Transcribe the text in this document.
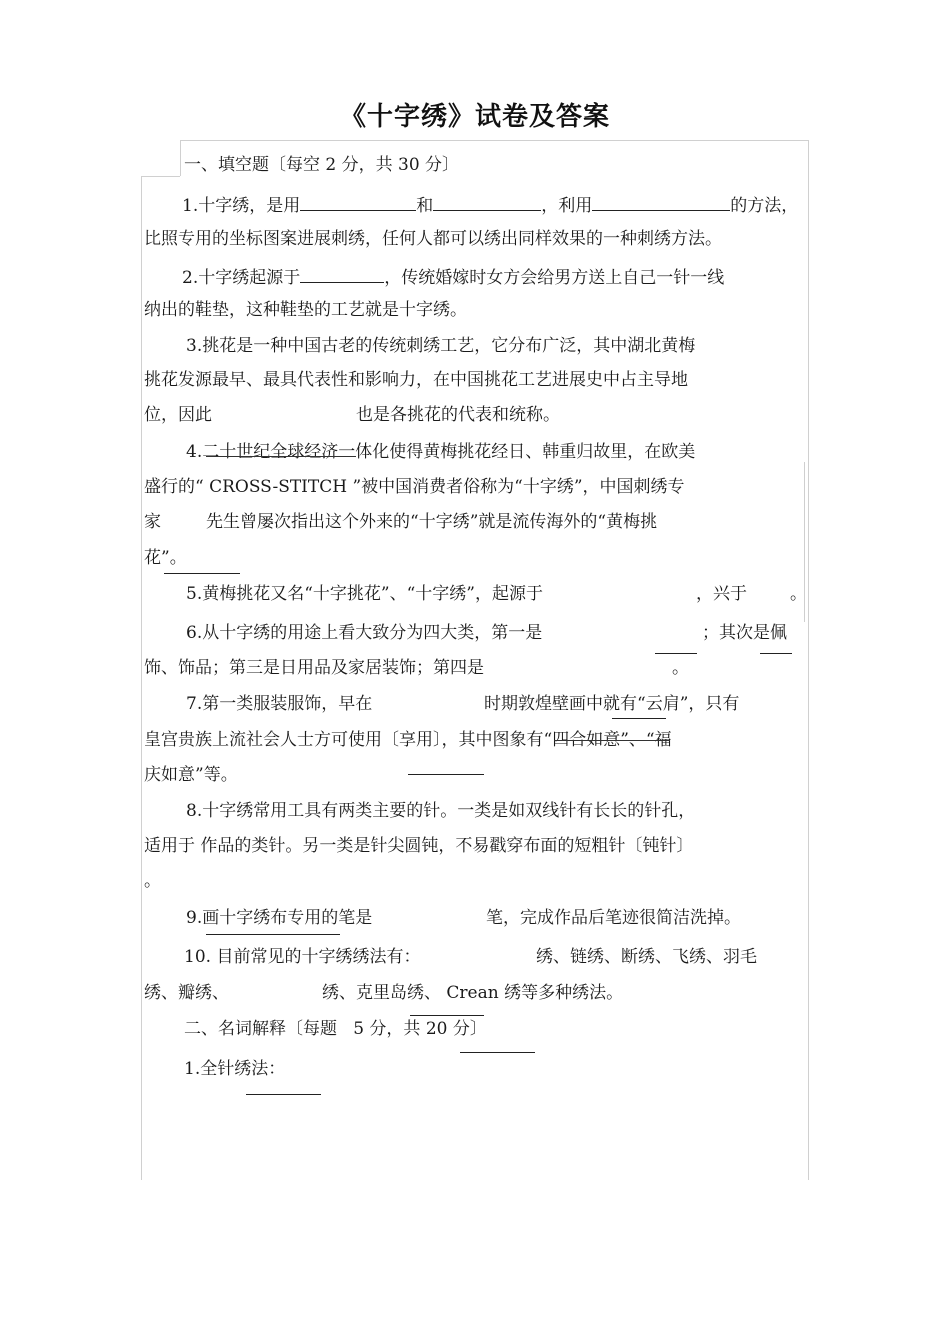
《十字绣》试卷及答案
一、填空题〔每空 2 分，共 30 分〕
1.十字绣，是用	和	，利用	的方法，
比照专用的坐标图案进展刺绣，任何人都可以绣出同样效果的一种刺绣方法。
2.十字绣起源于	，传统婚嫁时女方会给男方送上自己一针一线
纳出的鞋垫，这种鞋垫的工艺就是十字绣。
3.挑花是一种中国古老的传统刺绣工艺，它分布广泛，其中湖北黄梅
挑花发源最早、最具代表性和影响力，在中国挑花工艺进展史中占主导地
位，因此	也是各挑花的代表和统称。
4.二十世纪全球经济一体化使得黄梅挑花经日、韩重归故里，在欧美
盛行的“ CROSS-STITCH ”被中国消费者俗称为“十字绣”，中国刺绣专
家	先生曾屡次指出这个外来的“十字绣”就是流传海外的“黄梅挑
花”。
5.黄梅挑花又名“十字挑花”、“十字绣”，起源于	，兴于	。
6.从十字绣的用途上看大致分为四大类，第一是	；其次是佩
饰、饰品；第三是日用品及家居装饰；第四是	。
7.第一类服装服饰，早在	时期敦煌壁画中就有“云肩”，只有
皇宫贵族上流社会人士方可使用〔享用〕，其中图象有“四合如意”、“福
庆如意”等。
8.十字绣常用工具有两类主要的针。一类是如双线针有长长的针孔，
适用于 作品的类针。另一类是针尖圆钝，不易戳穿布面的短粗针〔钝针〕
。
9.画十字绣布专用的笔是	笔，完成作品后笔迹很简洁洗掉。
10. 目前常见的十字绣绣法有：	绣、链绣、断绣、飞绣、羽毛
绣、瓣绣、	绣、克里岛绣、 Crean 绣等多种绣法。
二、名词解释〔每题   5 分，共 20 分〕
1.全针绣法：
